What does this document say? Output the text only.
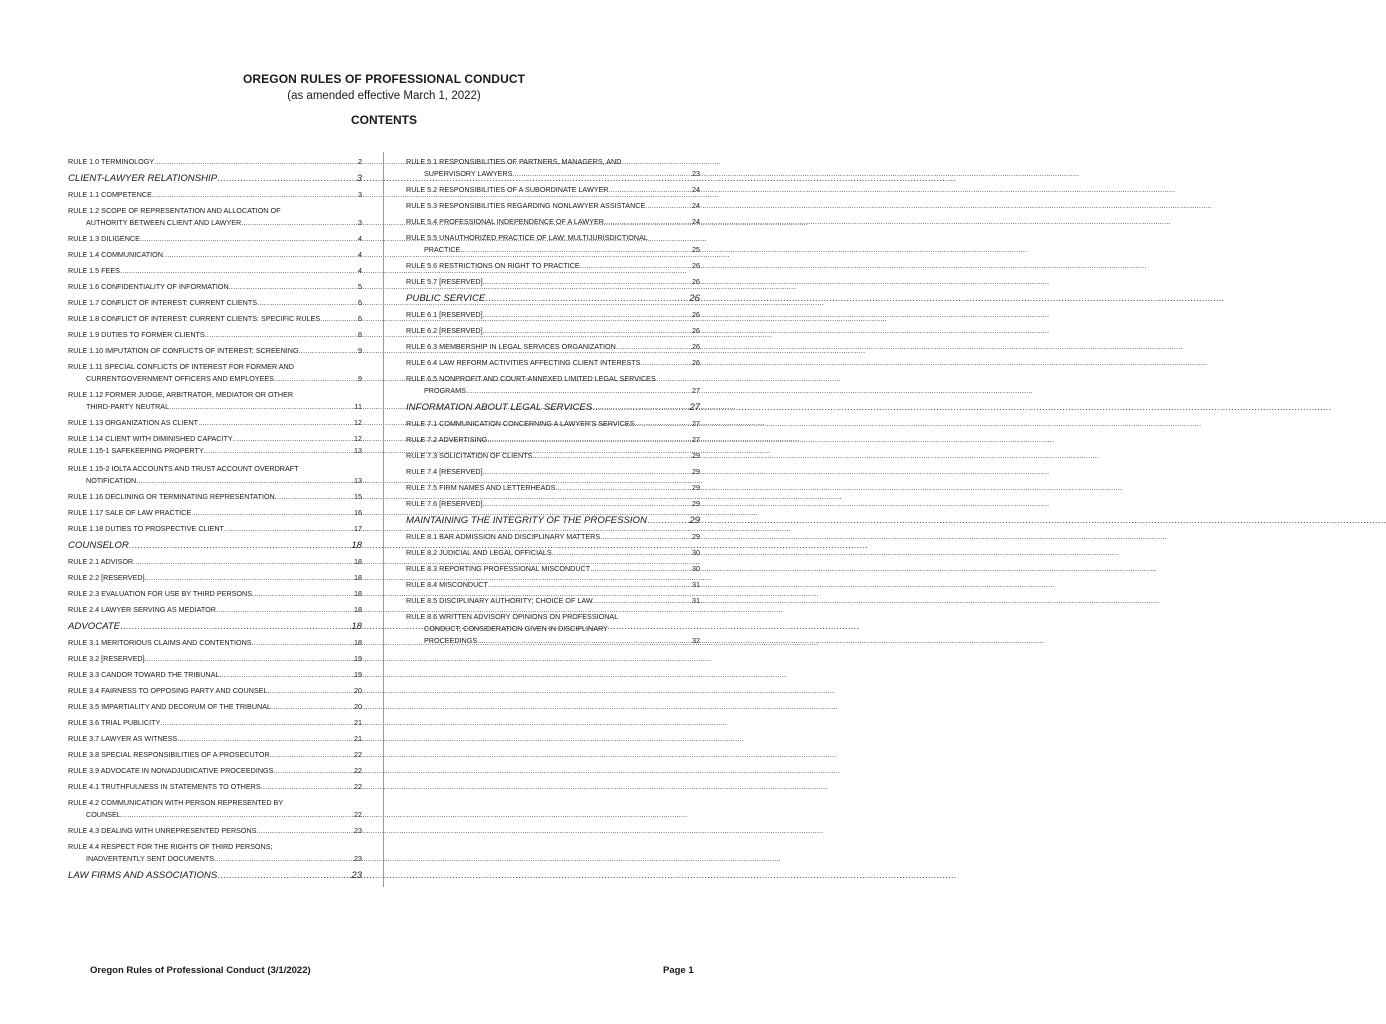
OREGON RULES OF PROFESSIONAL CONDUCT
(as amended effective March 1, 2022)
CONTENTS
RULE 1.0 TERMINOLOGY .....	2
CLIENT-LAWYER RELATIONSHIP .....	3
RULE 1.1 COMPETENCE .....	3
RULE 1.2 SCOPE OF REPRESENTATION AND ALLOCATION OF
AUTHORITY BETWEEN CLIENT AND LAWYER .....	3
RULE 1.3 DILIGENCE .....	4
RULE 1.4 COMMUNICATION .....	4
RULE 1.5 FEES .....	4
RULE 1.6 CONFIDENTIALITY OF INFORMATION .....	5
RULE 1.7 CONFLICT OF INTEREST: CURRENT CLIENTS .....	6
RULE 1.8 CONFLICT OF INTEREST: CURRENT CLIENTS: SPECIFIC RULES .....	6
RULE 1.9 DUTIES TO FORMER CLIENTS .....	8
RULE 1.10 IMPUTATION OF CONFLICTS OF INTEREST; SCREENING .....	9
RULE 1.11 SPECIAL CONFLICTS OF INTEREST FOR FORMER AND
CURRENTGOVERNMENT OFFICERS AND EMPLOYEES .....	9
RULE 1.12 FORMER JUDGE, ARBITRATOR, MEDIATOR OR OTHER
THIRD-PARTY NEUTRAL .....	11
RULE 1.13 ORGANIZATION AS CLIENT .....	12
RULE 1.14 CLIENT WITH DIMINISHED CAPACITY .....	12
RULE 1.15-1 SAFEKEEPING PROPERTY .....	13
RULE 1.15-2 IOLTA ACCOUNTS AND TRUST ACCOUNT OVERDRAFT
NOTIFICATION .....	13
RULE 1.16 DECLINING OR TERMINATING REPRESENTATION .....	15
RULE 1.17 SALE OF LAW PRACTICE .....	16
RULE 1.18 DUTIES TO PROSPECTIVE CLIENT .....	17
COUNSELOR .....	18
RULE 2.1 ADVISOR .....	18
RULE 2.2 [RESERVED] .....	18
RULE 2.3 EVALUATION FOR USE BY THIRD PERSONS .....	18
RULE 2.4 LAWYER SERVING AS MEDIATOR .....	18
ADVOCATE .....	18
RULE 3.1 MERITORIOUS CLAIMS AND CONTENTIONS .....	18
RULE 3.2 [RESERVED] .....	19
RULE 3.3 CANDOR TOWARD THE TRIBUNAL .....	19
RULE 3.4 FAIRNESS TO OPPOSING PARTY AND COUNSEL .....	20
RULE 3.5 IMPARTIALITY AND DECORUM OF THE TRIBUNAL .....	20
RULE 3.6 TRIAL PUBLICITY .....	21
RULE 3.7 LAWYER AS WITNESS .....	21
RULE 3.8 SPECIAL RESPONSIBILITIES OF A PROSECUTOR .....	22
RULE 3.9 ADVOCATE IN NONADJUDICATIVE PROCEEDINGS .....	22
RULE 4.1 TRUTHFULNESS IN STATEMENTS TO OTHERS .....	22
RULE 4.2 COMMUNICATION WITH PERSON REPRESENTED BY
COUNSEL .....	22
RULE 4.3 DEALING WITH UNREPRESENTED PERSONS .....	23
RULE 4.4 RESPECT FOR THE RIGHTS OF THIRD PERSONS;
INADVERTENTLY SENT DOCUMENTS .....	23
LAW FIRMS AND ASSOCIATIONS .....	23
RULE 5.1 RESPONSIBILITIES OF PARTNERS, MANAGERS, AND
SUPERVISORY LAWYERS .....	23
RULE 5.2 RESPONSIBILITIES OF A SUBORDINATE LAWYER .....	24
RULE 5.3 RESPONSIBILITIES REGARDING NONLAWYER ASSISTANCE .....	24
RULE 5.4 PROFESSIONAL INDEPENDENCE OF A LAWYER .....	24
RULE 5.5 UNAUTHORIZED PRACTICE OF LAW; MULTIJURISDICTIONAL
PRACTICE .....	25
RULE 5.6 RESTRICTIONS ON RIGHT TO PRACTICE .....	26
RULE 5.7 [RESERVED] .....	26
PUBLIC SERVICE .....	26
RULE 6.1 [RESERVED] .....	26
RULE 6.2 [RESERVED] .....	26
RULE 6.3 MEMBERSHIP IN LEGAL SERVICES ORGANIZATION .....	26
RULE 6.4 LAW REFORM ACTIVITIES AFFECTING CLIENT INTERESTS .....	26
RULE 6.5 NONPROFIT AND COURT-ANNEXED LIMITED LEGAL SERVICES
PROGRAMS .....	27
INFORMATION ABOUT LEGAL SERVICES .....	27
RULE 7.1 COMMUNICATION CONCERNING A LAWYER'S SERVICES .....	27
RULE 7.2 ADVERTISING .....	27
RULE 7.3 SOLICITATION OF CLIENTS .....	29
RULE 7.4 [RESERVED] .....	29
RULE 7.5 FIRM NAMES AND LETTERHEADS .....	29
RULE 7.6 [RESERVED] .....	29
MAINTAINING THE INTEGRITY OF THE PROFESSION .....	29
RULE 8.1 BAR ADMISSION AND DISCIPLINARY MATTERS .....	29
RULE 8.2 JUDICIAL AND LEGAL OFFICIALS .....	30
RULE 8.3 REPORTING PROFESSIONAL MISCONDUCT .....	30
RULE 8.4 MISCONDUCT .....	31
RULE 8.5 DISCIPLINARY AUTHORITY; CHOICE OF LAW .....	31
RULE 8.6 WRITTEN ADVISORY OPINIONS ON PROFESSIONAL
CONDUCT; CONSIDERATION GIVEN IN DISCIPLINARY
PROCEEDINGS .....	32
Oregon Rules of Professional Conduct (3/1/2022)	Page 1
